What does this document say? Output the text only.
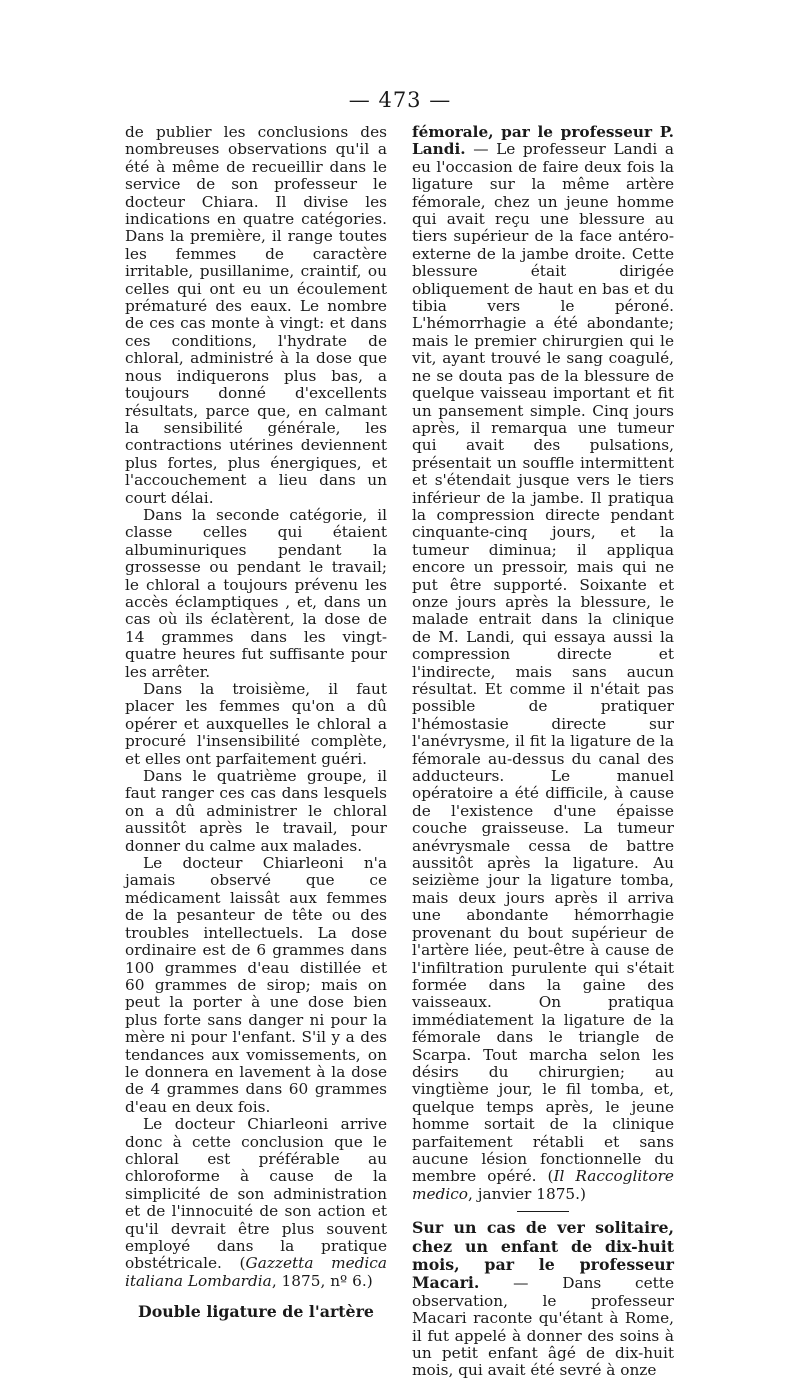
— 473 —

de publier les conclusions des nombreuses observations qu'il a été à même de recueillir dans le service de son professeur le docteur Chiara. Il divise les indications en quatre catégories. Dans la première, il range toutes les femmes de caractère irritable, pusillanime, craintif, ou celles qui ont eu un écoulement prématuré des eaux. Le nombre de ces cas monte à vingt: et dans ces conditions, l'hydrate de chloral, administré à la dose que nous indiquerons plus bas, a toujours donné d'excellents résultats, parce que, en calmant la sensibilité générale, les contractions utérines deviennent plus fortes, plus énergiques, et l'accouchement a lieu dans un court délai.

Dans la seconde catégorie, il classe celles qui étaient albuminuriques pendant la grossesse ou pendant le travail; le chloral a toujours prévenu les accès éclamptiques , et, dans un cas où ils éclatèrent, la dose de 14 grammes dans les vingt-quatre heures fut suffisante pour les arrêter.

Dans la troisième, il faut placer les femmes qu'on a dû opérer et auxquelles le chloral a procuré l'insensibilité complète, et elles ont parfaitement guéri.

Dans le quatrième groupe, il faut ranger ces cas dans lesquels on a dû administrer le chloral aussitôt après le travail, pour donner du calme aux malades.

Le docteur Chiarleoni n'a jamais observé que ce médicament laissât aux femmes de la pesanteur de tête ou des troubles intellectuels. La dose ordinaire est de 6 grammes dans 100 grammes d'eau distillée et 60 grammes de sirop; mais on peut la porter à une dose bien plus forte sans danger ni pour la mère ni pour l'enfant. S'il y a des tendances aux vomissements, on le donnera en lavement à la dose de 4 grammes dans 60 grammes d'eau en deux fois.

Le docteur Chiarleoni arrive donc à cette conclusion que le chloral est préférable au chloroforme à cause de la simplicité de son administration et de l'innocuité de son action et qu'il devrait être plus souvent employé dans la pratique obstétricale. (Gazzetta medica italiana Lombardia, 1875, nº 6.)

Double ligature de l'artère

fémorale, par le professeur P. Landi. — Le professeur Landi a eu l'occasion de faire deux fois la ligature sur la même artère fémorale, chez un jeune homme qui avait reçu une blessure au tiers supérieur de la face antéro-externe de la jambe droite. Cette blessure était dirigée obliquement de haut en bas et du tibia vers le péroné. L'hémorrhagie a été abondante; mais le premier chirurgien qui le vit, ayant trouvé le sang coagulé, ne se douta pas de la blessure de quelque vaisseau important et fit un pansement simple. Cinq jours après, il remarqua une tumeur qui avait des pulsations, présentait un souffle intermittent et s'étendait jusque vers le tiers inférieur de la jambe. Il pratiqua la compression directe pendant cinquante-cinq jours, et la tumeur diminua; il appliqua encore un pressoir, mais qui ne put être supporté. Soixante et onze jours après la blessure, le malade entrait dans la clinique de M. Landi, qui essaya aussi la compression directe et l'indirecte, mais sans aucun résultat. Et comme il n'était pas possible de pratiquer l'hémostasie directe sur l'anévrysme, il fit la ligature de la fémorale au-dessus du canal des adducteurs. Le manuel opératoire a été difficile, à cause de l'existence d'une épaisse couche graisseuse. La tumeur anévrysmale cessa de battre aussitôt après la ligature. Au seizième jour la ligature tomba, mais deux jours après il arriva une abondante hémorrhagie provenant du bout supérieur de l'artère liée, peut-être à cause de l'infiltration purulente qui s'était formée dans la gaine des vaisseaux. On pratiqua immédiatement la ligature de la fémorale dans le triangle de Scarpa. Tout marcha selon les désirs du chirurgien; au vingtième jour, le fil tomba, et, quelque temps après, le jeune homme sortait de la clinique parfaitement rétabli et sans aucune lésion fonctionnelle du membre opéré. (Il Raccoglitore medico, janvier 1875.)

Sur un cas de ver solitaire, chez un enfant de dix-huit mois, par le professeur Macari.

— Dans cette observation, le professeur Macari raconte qu'étant à Rome, il fut appelé à donner des soins à un petit enfant âgé de dix-huit mois, qui avait été sevré à onze
